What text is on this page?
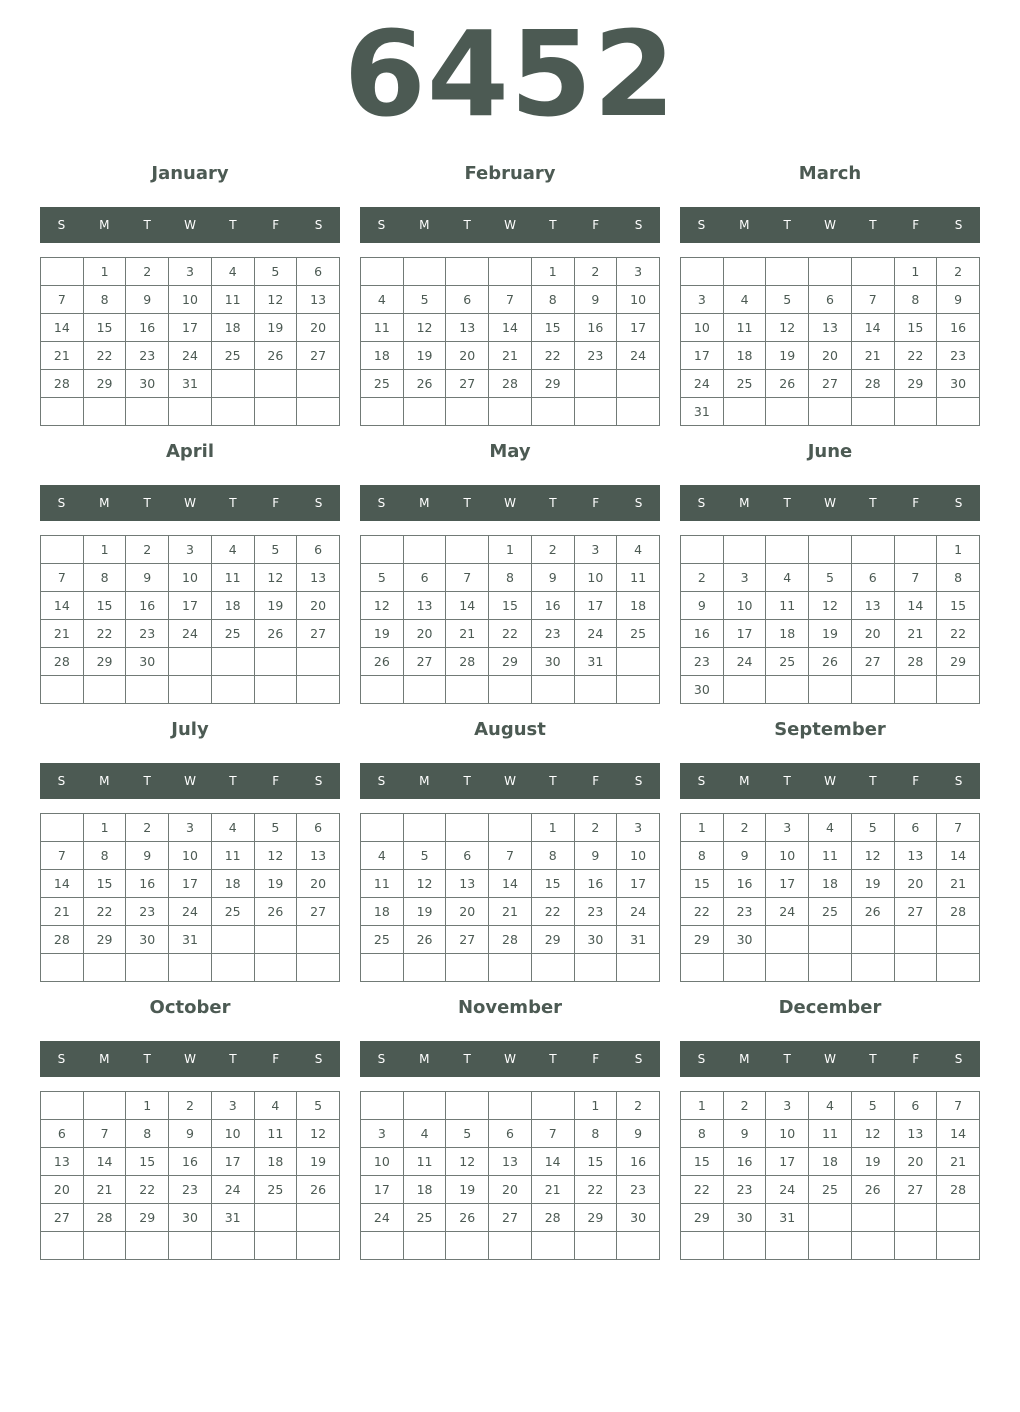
6452
January
S	M	T	W	T	F	S
	1	2	3	4	5	6
7	8	9	10	11	12	13
14	15	16	17	18	19	20
21	22	23	24	25	26	27
28	29	30	31			

February
S	M	T	W	T	F	S
				1	2	3
4	5	6	7	8	9	10
11	12	13	14	15	16	17
18	19	20	21	22	23	24
25	26	27	28	29		

March
S	M	T	W	T	F	S
					1	2
3	4	5	6	7	8	9
10	11	12	13	14	15	16
17	18	19	20	21	22	23
24	25	26	27	28	29	30
31						
April
S	M	T	W	T	F	S
	1	2	3	4	5	6
7	8	9	10	11	12	13
14	15	16	17	18	19	20
21	22	23	24	25	26	27
28	29	30				

May
S	M	T	W	T	F	S
			1	2	3	4
5	6	7	8	9	10	11
12	13	14	15	16	17	18
19	20	21	22	23	24	25
26	27	28	29	30	31	

June
S	M	T	W	T	F	S
						1
2	3	4	5	6	7	8
9	10	11	12	13	14	15
16	17	18	19	20	21	22
23	24	25	26	27	28	29
30						
July
S	M	T	W	T	F	S
	1	2	3	4	5	6
7	8	9	10	11	12	13
14	15	16	17	18	19	20
21	22	23	24	25	26	27
28	29	30	31			

August
S	M	T	W	T	F	S
				1	2	3
4	5	6	7	8	9	10
11	12	13	14	15	16	17
18	19	20	21	22	23	24
25	26	27	28	29	30	31

September
S	M	T	W	T	F	S
1	2	3	4	5	6	7
8	9	10	11	12	13	14
15	16	17	18	19	20	21
22	23	24	25	26	27	28
29	30					

October
S	M	T	W	T	F	S
		1	2	3	4	5
6	7	8	9	10	11	12
13	14	15	16	17	18	19
20	21	22	23	24	25	26
27	28	29	30	31		

November
S	M	T	W	T	F	S
					1	2
3	4	5	6	7	8	9
10	11	12	13	14	15	16
17	18	19	20	21	22	23
24	25	26	27	28	29	30

December
S	M	T	W	T	F	S
1	2	3	4	5	6	7
8	9	10	11	12	13	14
15	16	17	18	19	20	21
22	23	24	25	26	27	28
29	30	31				
